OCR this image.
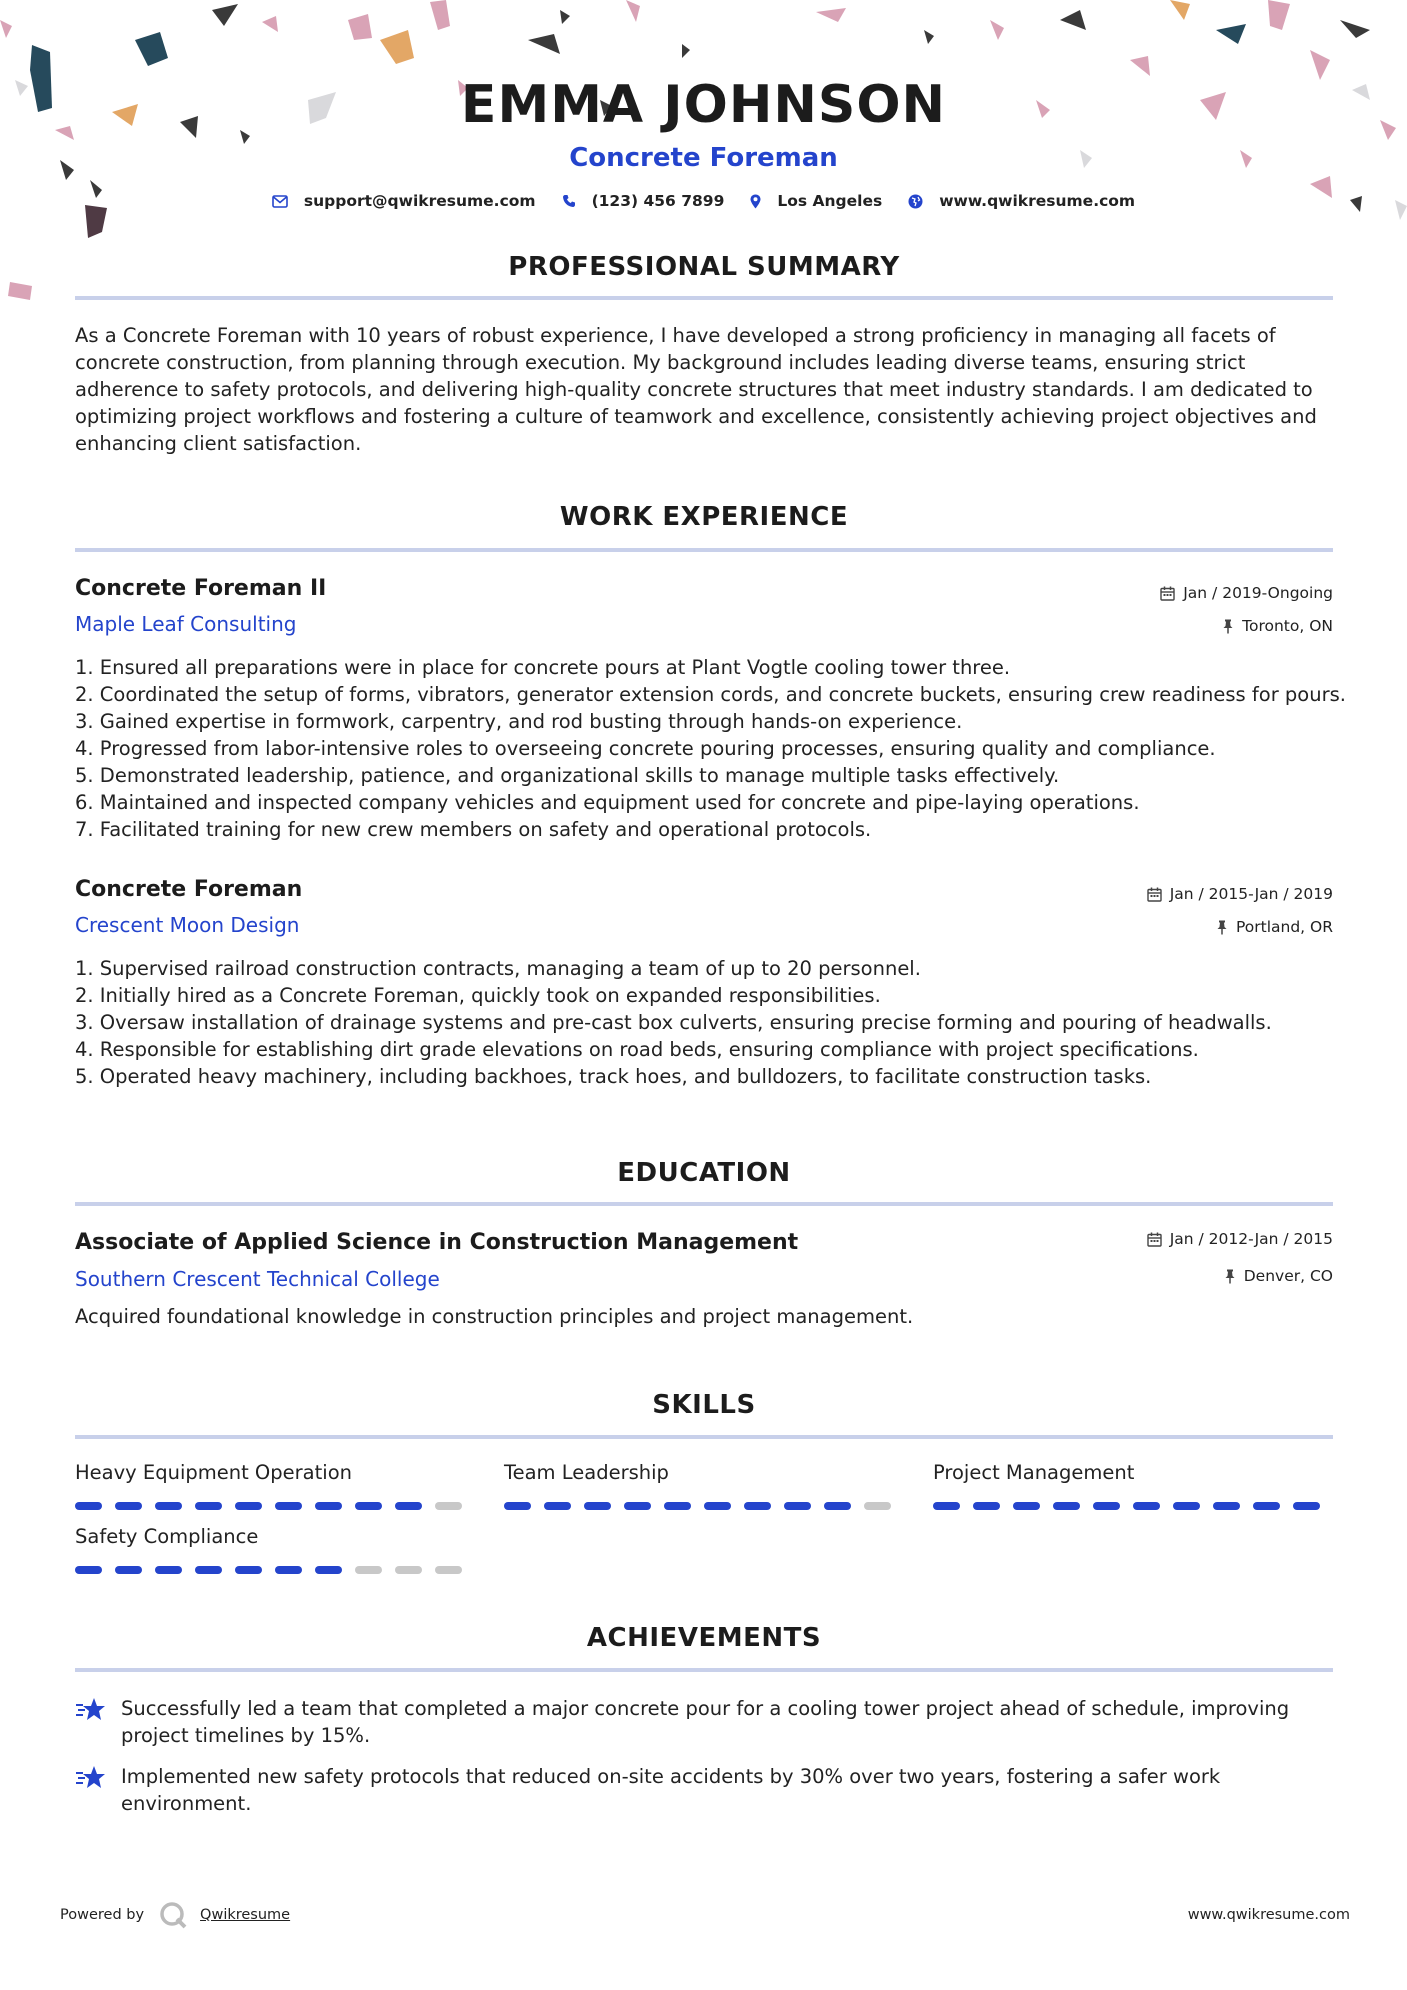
EMMA JOHNSON
Concrete Foreman
support@qwikresume.com	(123) 456 7899	Los Angeles	www.qwikresume.com
PROFESSIONAL SUMMARY
As a Concrete Foreman with 10 years of robust experience, I have developed a strong proficiency in managing all facets of concrete construction, from planning through execution. My background includes leading diverse teams, ensuring strict adherence to safety protocols, and delivering high-quality concrete structures that meet industry standards. I am dedicated to optimizing project workflows and fostering a culture of teamwork and excellence, consistently achieving project objectives and enhancing client satisfaction.
WORK EXPERIENCE
Concrete Foreman II
Maple Leaf Consulting
Jan / 2019-Ongoing
Toronto, ON
1. Ensured all preparations were in place for concrete pours at Plant Vogtle cooling tower three.
2. Coordinated the setup of forms, vibrators, generator extension cords, and concrete buckets, ensuring crew readiness for pours.
3. Gained expertise in formwork, carpentry, and rod busting through hands-on experience.
4. Progressed from labor-intensive roles to overseeing concrete pouring processes, ensuring quality and compliance.
5. Demonstrated leadership, patience, and organizational skills to manage multiple tasks effectively.
6. Maintained and inspected company vehicles and equipment used for concrete and pipe-laying operations.
7. Facilitated training for new crew members on safety and operational protocols.
Concrete Foreman
Crescent Moon Design
Jan / 2015-Jan / 2019
Portland, OR
1. Supervised railroad construction contracts, managing a team of up to 20 personnel.
2. Initially hired as a Concrete Foreman, quickly took on expanded responsibilities.
3. Oversaw installation of drainage systems and pre-cast box culverts, ensuring precise forming and pouring of headwalls.
4. Responsible for establishing dirt grade elevations on road beds, ensuring compliance with project specifications.
5. Operated heavy machinery, including backhoes, track hoes, and bulldozers, to facilitate construction tasks.
EDUCATION
Associate of Applied Science in Construction Management
Southern Crescent Technical College
Jan / 2012-Jan / 2015
Denver, CO
Acquired foundational knowledge in construction principles and project management.
SKILLS
Heavy Equipment Operation	Team Leadership	Project Management
Safety Compliance
ACHIEVEMENTS
Successfully led a team that completed a major concrete pour for a cooling tower project ahead of schedule, improving project timelines by 15%.
Implemented new safety protocols that reduced on-site accidents by 30% over two years, fostering a safer work environment.
Powered by	Qwikresume	www.qwikresume.com
